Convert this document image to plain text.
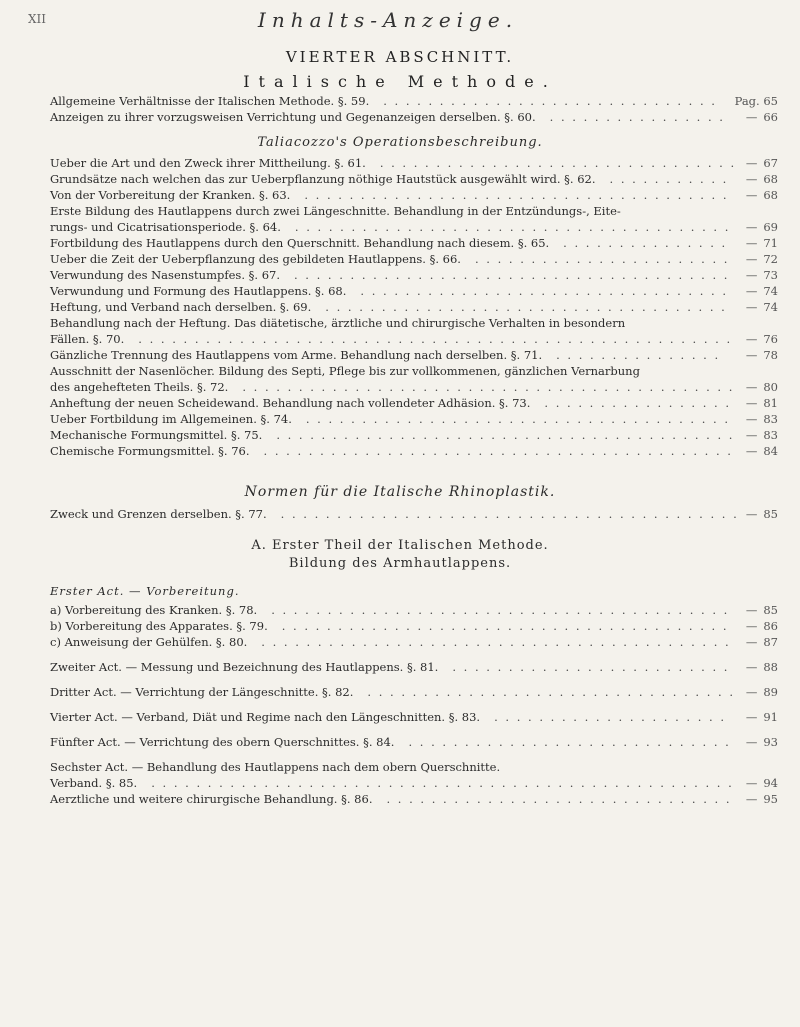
XII	Inhalts-Anzeige.
VIERTER ABSCHNITT.
Italische Methode.
Allgemeine Verhältnisse der Italischen Methode. §. 59.	Pag. 65
. . . . . . . . . . . . . . . . . . . . . . . . . . . . . .
Anzeigen zu ihrer vorzugsweisen Verrichtung und Gegenanzeigen derselben. §. 60.	— 66
. . . . . . . . . . . . . . . .
Taliacozzo's Operationsbeschreibung.
Ueber die Art und den Zweck ihrer Mittheilung. §. 61.	— 67
. . . . . . . . . . . . . . . . . . . . . . . . . . . . . . . .
Grundsätze nach welchen das zur Ueberpflanzung nöthige Hautstück ausgewählt wird. §. 62.	— 68
. . . . . . . . . . .
Von der Vorbereitung der Kranken. §. 63.	— 68
. . . . . . . . . . . . . . . . . . . . . . . . . . . . . . . . . . . . . .
Erste Bildung des Hautlappens durch zwei Längeschnitte. Behandlung in der Entzündungs-, Eite-
rungs- und Cicatrisationsperiode. §. 64.	— 69
. . . . . . . . . . . . . . . . . . . . . . . . . . . . . . . . . . . . . . .
Fortbildung des Hautlappens durch den Querschnitt. Behandlung nach diesem. §. 65.	— 71
. . . . . . . . . . . . . . .
Ueber die Zeit der Ueberpflanzung des gebildeten Hautlappens. §. 66.	— 72
. . . . . . . . . . . . . . . . . . . . . . .
Verwundung des Nasenstumpfes. §. 67.	— 73
. . . . . . . . . . . . . . . . . . . . . . . . . . . . . . . . . . . . . . .
Verwundung und Formung des Hautlappens. §. 68.	— 74
. . . . . . . . . . . . . . . . . . . . . . . . . . . . . . . . .
Heftung, und Verband nach derselben. §. 69.	— 74
. . . . . . . . . . . . . . . . . . . . . . . . . . . . . . . . . . . .
Behandlung nach der Heftung. Das diätetische, ärztliche und chirurgische Verhalten in besondern
Fällen. §. 70.	— 76
. . . . . . . . . . . . . . . . . . . . . . . . . . . . . . . . . . . . . . . . . . . . . . . . . . . . .
Gänzliche Trennung des Hautlappens vom Arme. Behandlung nach derselben. §. 71.	— 78
. . . . . . . . . . . . . . .
Ausschnitt der Nasenlöcher. Bildung des Septi, Pflege bis zur vollkommenen, gänzlichen Vernarbung
des angehefteten Theils. §. 72.	— 80
. . . . . . . . . . . . . . . . . . . . . . . . . . . . . . . . . . . . . . . . . . . .
Anheftung der neuen Scheidewand. Behandlung nach vollendeter Adhäsion. §. 73.	— 81
. . . . . . . . . . . . . . . . .
Ueber Fortbildung im Allgemeinen. §. 74.	— 83
. . . . . . . . . . . . . . . . . . . . . . . . . . . . . . . . . . . . . .
Mechanische Formungsmittel. §. 75.	— 83
. . . . . . . . . . . . . . . . . . . . . . . . . . . . . . . . . . . . . . . . .
Chemische Formungsmittel. §. 76.	— 84
. . . . . . . . . . . . . . . . . . . . . . . . . . . . . . . . . . . . . . . . . .
Normen für die Italische Rhinoplastik.
Zweck und Grenzen derselben. §. 77.	— 85
. . . . . . . . . . . . . . . . . . . . . . . . . . . . . . . . . . . . . . . . .
A. Erster Theil der Italischen Methode.
Bildung des Armhautlappens.
Erster Act. — Vorbereitung.
a) Vorbereitung des Kranken. §. 78.	— 85
. . . . . . . . . . . . . . . . . . . . . . . . . . . . . . . . . . . . . . . . .
b) Vorbereitung des Apparates. §. 79.	— 86
. . . . . . . . . . . . . . . . . . . . . . . . . . . . . . . . . . . . . . . .
c) Anweisung der Gehülfen. §. 80.	— 87
. . . . . . . . . . . . . . . . . . . . . . . . . . . . . . . . . . . . . . . . . .
Zweiter Act. — Messung und Bezeichnung des Hautlappens. §. 81.	— 88
. . . . . . . . . . . . . . . . . . . . . . . . .
Dritter Act. — Verrichtung der Längeschnitte. §. 82.	— 89
. . . . . . . . . . . . . . . . . . . . . . . . . . . . . . . . .
Vierter Act. — Verband, Diät und Regime nach den Längeschnitten. §. 83.	— 91
. . . . . . . . . . . . . . . . . . . . .
Fünfter Act. — Verrichtung des obern Querschnittes. §. 84.	— 93
. . . . . . . . . . . . . . . . . . . . . . . . . . . . .
Sechster Act. — Behandlung des Hautlappens nach dem obern Querschnitte.
Verband. §. 85.	— 94
. . . . . . . . . . . . . . . . . . . . . . . . . . . . . . . . . . . . . . . . . . . . . . . . . . . .
Aerztliche und weitere chirurgische Behandlung. §. 86.	— 95
. . . . . . . . . . . . . . . . . . . . . . . . . . . . . . .
